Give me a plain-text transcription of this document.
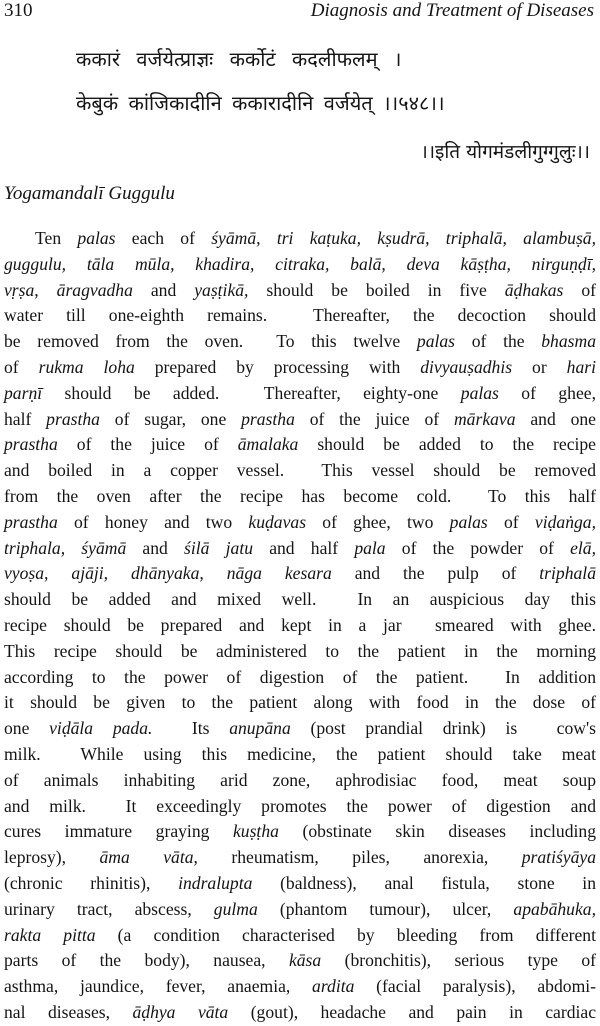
310	Diagnosis and Treatment of Diseases
ककारं वर्जयेत्प्राज्ञः कर्कोटं कदलीफलम् ।
केबुकं कांजिकादीनि ककारादीनि वर्जयेत् ।।५४८।।
।।इति योगमंडलीगुग्गुलुः।।
Yogamandalī Guggulu
Ten palas each of śyāmā, tri kaṭuka, kṣudrā, triphalā, alambuṣā,
guggulu, tāla mūla, khadira, citraka, balā, deva kāṣṭha, nirguṇḍī,
vṛṣa, āragvadha and yaṣṭikā, should be boiled in five āḍhakas of
water till one-eighth remains.  Thereafter, the decoction should
be removed from the oven.  To this twelve palas of the bhasma
of rukma loha prepared by processing with divyauṣadhis or hari
parṇī should be added.  Thereafter, eighty-one palas of ghee,
half prastha of sugar, one prastha of the juice of mārkava and one
prastha of the juice of āmalaka should be added to the recipe
and boiled in a copper vessel.  This vessel should be removed
from the oven after the recipe has become cold.  To this half
prastha of honey and two kuḍavas of ghee, two palas of viḍaṅga,
triphala, śyāmā and śilā jatu and half pala of the powder of elā,
vyoṣa, ajāji, dhānyaka, nāga kesara and the pulp of triphalā
should be added and mixed well.  In an auspicious day this
recipe should be prepared and kept in a jar  smeared with ghee.
This recipe should be administered to the patient in the morning
according to the power of digestion of the patient.  In addition
it should be given to the patient along with food in the dose of
one viḍāla pada.  Its anupāna (post prandial drink) is  cow's
milk.  While using this medicine, the patient should take meat
of animals inhabiting arid zone, aphrodisiac food, meat soup
and milk.  It exceedingly promotes the power of digestion and
cures immature graying kuṣṭha (obstinate skin diseases including
leprosy), āma vāta, rheumatism, piles, anorexia, pratiśyāya
(chronic rhinitis), indralupta (baldness), anal fistula, stone in
urinary tract, abscess, gulma (phantom tumour), ulcer, apabāhuka,
rakta pitta (a condition characterised by bleeding from different
parts of the body), nausea, kāsa (bronchitis), serious type of
asthma, jaundice, fever, anaemia, ardita (facial paralysis), abdomi-
nal diseases, āḍhya vāta (gout), headache and pain in cardiac
